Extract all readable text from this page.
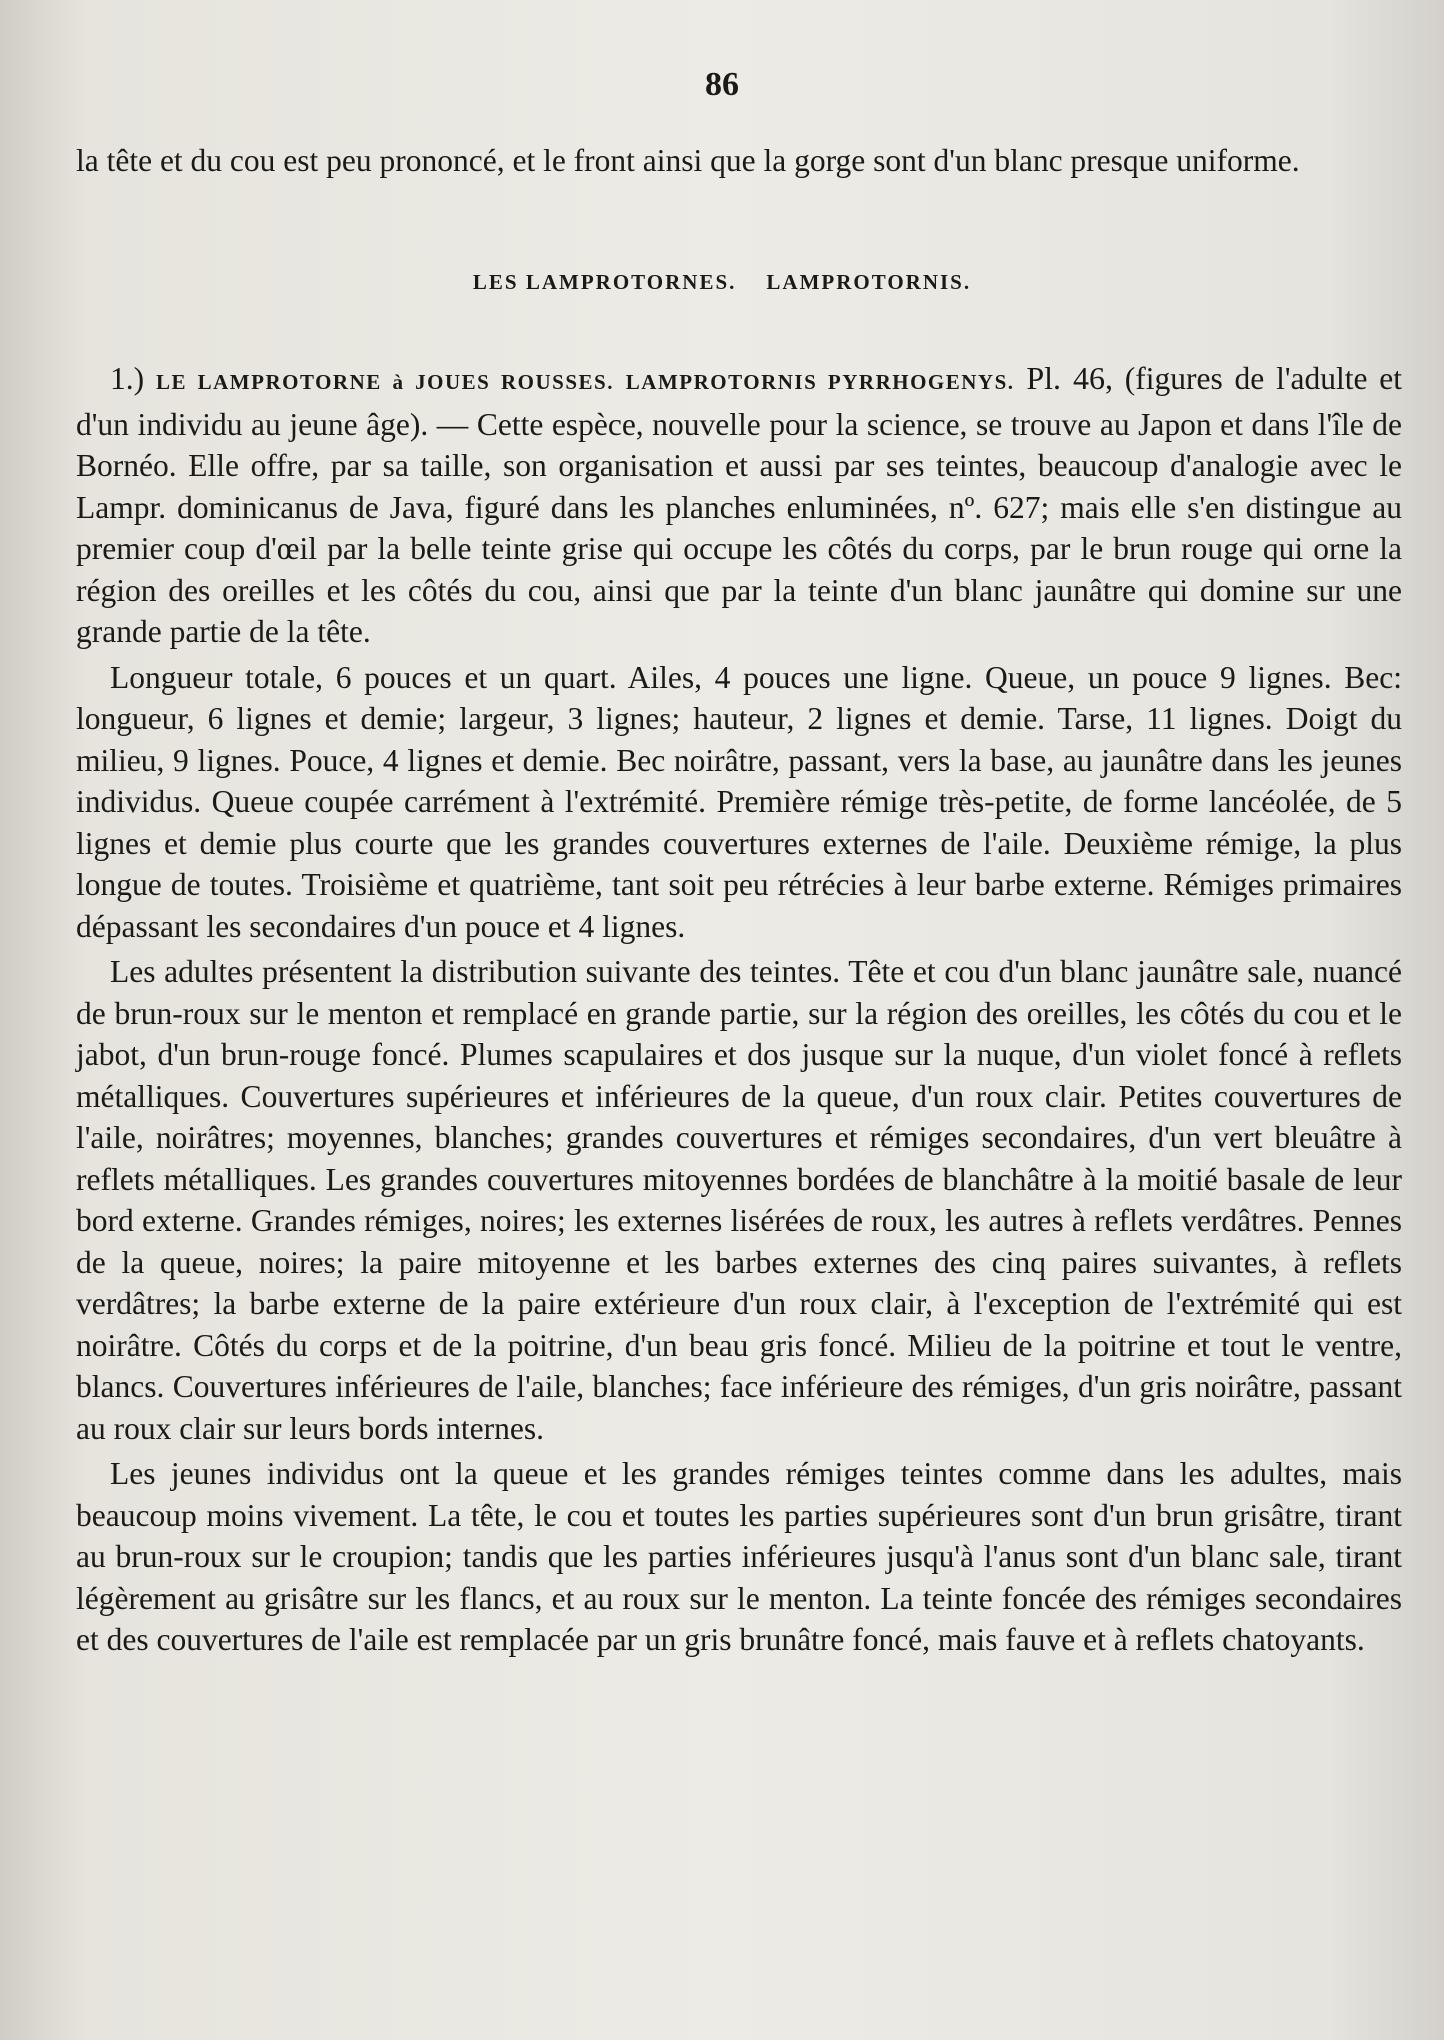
86

la tête et du cou est peu prononcé, et le front ainsi que la gorge sont d'un blanc presque uniforme.

LES LAMPROTORNES. LAMPROTORNIS.

1.) LE LAMPROTORNE à JOUES ROUSSES. LAMPROTORNIS PYRRHOGENYS. Pl. 46, (figures de l'adulte et d'un individu au jeune âge). — Cette espèce, nouvelle pour la science, se trouve au Japon et dans l'île de Bornéo. Elle offre, par sa taille, son organisation et aussi par ses teintes, beaucoup d'analogie avec le Lampr. dominicanus de Java, figuré dans les planches enluminées, nº. 627; mais elle s'en distingue au premier coup d'œil par la belle teinte grise qui occupe les côtés du corps, par le brun rouge qui orne la région des oreilles et les côtés du cou, ainsi que par la teinte d'un blanc jaunâtre qui domine sur une grande partie de la tête.

Longueur totale, 6 pouces et un quart. Ailes, 4 pouces une ligne. Queue, un pouce 9 lignes. Bec: longueur, 6 lignes et demie; largeur, 3 lignes; hauteur, 2 lignes et demie. Tarse, 11 lignes. Doigt du milieu, 9 lignes. Pouce, 4 lignes et demie. Bec noirâtre, passant, vers la base, au jaunâtre dans les jeunes individus. Queue coupée carrément à l'extrémité. Première rémige très-petite, de forme lancéolée, de 5 lignes et demie plus courte que les grandes couvertures externes de l'aile. Deuxième rémige, la plus longue de toutes. Troisième et quatrième, tant soit peu rétrécies à leur barbe externe. Rémiges primaires dépassant les secondaires d'un pouce et 4 lignes.

Les adultes présentent la distribution suivante des teintes. Tête et cou d'un blanc jaunâtre sale, nuancé de brun-roux sur le menton et remplacé en grande partie, sur la région des oreilles, les côtés du cou et le jabot, d'un brun-rouge foncé. Plumes scapulaires et dos jusque sur la nuque, d'un violet foncé à reflets métalliques. Couvertures supérieures et inférieures de la queue, d'un roux clair. Petites couvertures de l'aile, noirâtres; moyennes, blanches; grandes couvertures et rémiges secondaires, d'un vert bleuâtre à reflets métalliques. Les grandes couvertures mitoyennes bordées de blanchâtre à la moitié basale de leur bord externe. Grandes rémiges, noires; les externes lisérées de roux, les autres à reflets verdâtres. Pennes de la queue, noires; la paire mitoyenne et les barbes externes des cinq paires suivantes, à reflets verdâtres; la barbe externe de la paire extérieure d'un roux clair, à l'exception de l'extrémité qui est noirâtre. Côtés du corps et de la poitrine, d'un beau gris foncé. Milieu de la poitrine et tout le ventre, blancs. Couvertures inférieures de l'aile, blanches; face inférieure des rémiges, d'un gris noirâtre, passant au roux clair sur leurs bords internes.

Les jeunes individus ont la queue et les grandes rémiges teintes comme dans les adultes, mais beaucoup moins vivement. La tête, le cou et toutes les parties supérieures sont d'un brun grisâtre, tirant au brun-roux sur le croupion; tandis que les parties inférieures jusqu'à l'anus sont d'un blanc sale, tirant légèrement au grisâtre sur les flancs, et au roux sur le menton. La teinte foncée des rémiges secondaires et des couvertures de l'aile est remplacée par un gris brunâtre foncé, mais fauve et à reflets chatoyants.
